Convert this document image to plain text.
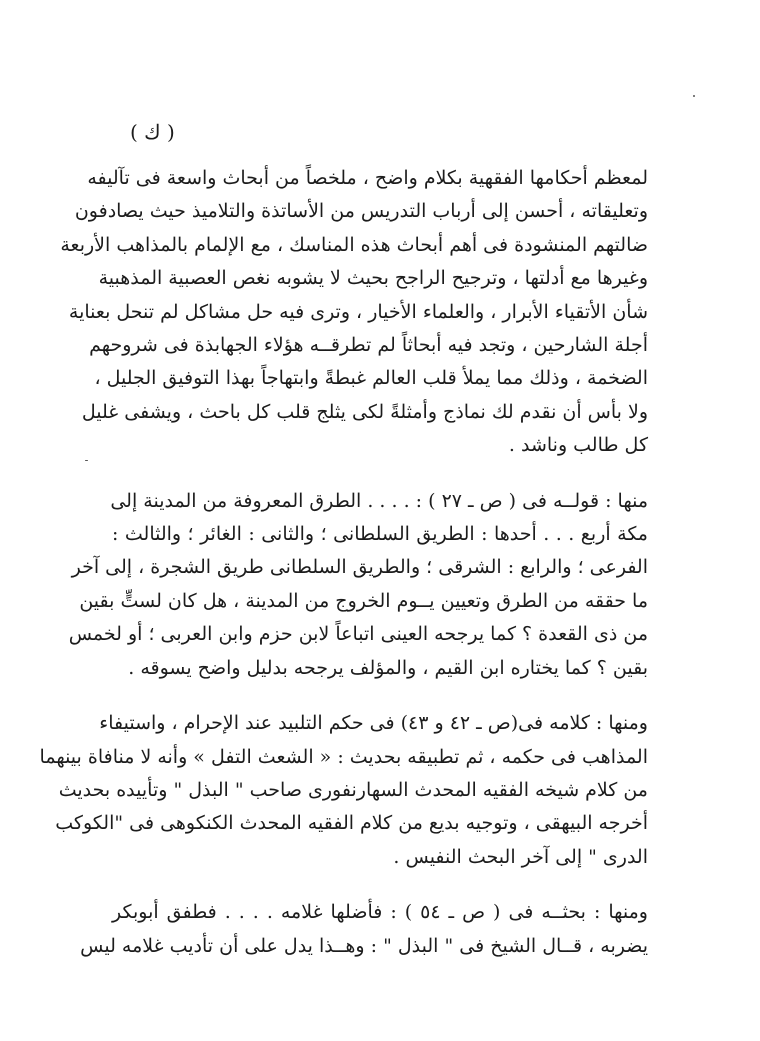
( ك )
لمعظم أحكامها الفقهية بكلام واضح ، ملخصاً من أبحاث واسعة فى تآليفه
وتعليقاته ، أحسن إلى أرباب التدريس من الأساتذة والتلاميذ حيث يصادفون
ضالتهم المنشودة فى أهم أبحاث هذه المناسك ، مع الإلمام بالمذاهب الأربعة
وغيرها مع أدلتها ، وترجيح الراجح بحيث لا يشوبه نغص العصبية المذهبية
شأن الأتقياء الأبرار ، والعلماء الأخيار ، وترى فيه حل مشاكل لم تنحل بعناية
أجلة الشارحين ، وتجد فيه أبحاثاً لم تطرقــه هؤلاء الجهابذة فى شروحهم
الضخمة ، وذلك مما يملأ قلب العالم غبطةً وابتهاجاً بهذا التوفيق الجليل ،
ولا بأس أن نقدم لك نماذج وأمثلةً لكى يثلج قلب كل باحث ، ويشفى غليل
كل طالب وناشد .
منها : قولــه فى ( ص ـ ٢٧ ) : . . . . الطرق المعروفة من المدينة إلى
مكة أربع . . . أحدها : الطريق السلطانى ؛ والثانى : الغائر ؛ والثالث :
الفرعى ؛ والرابع : الشرقى ؛ والطريق السلطانى طريق الشجرة ، إلى آخر
ما حققه من الطرق وتعيين يــوم الخروج من المدينة ، هل كان لستٍّ بقين
من ذى القعدة ؟ كما يرجحه العينى اتباعاً لابن حزم وابن العربى ؛ أو لخمس
بقين ؟ كما يختاره ابن القيم ، والمؤلف يرجحه بدليل واضح يسوقه .
ومنها : كلامه فى(ص ـ ٤٢ و ٤٣) فى حكم التلبيد عند الإحرام ، واستيفاء
المذاهب فى حكمه ، ثم تطبيقه بحديث : « الشعث التفل » وأنه لا منافاة بينهما
من كلام شيخه الفقيه المحدث السهارنفورى صاحب " البذل " وتأييده بحديث
أخرجه البيهقى ، وتوجيه بديع من كلام الفقيه المحدث الكنكوهى فى "الكوكب
الدرى " إلى آخر البحث النفيس .
ومنها : بحثــه فى ( ص ـ ٥٤ ) : فأضلها غلامه . . . . فطفق أبوبكر
يضربه ، قــال الشيخ فى " البذل " : وهــذا يدل على أن تأديب غلامه ليس
